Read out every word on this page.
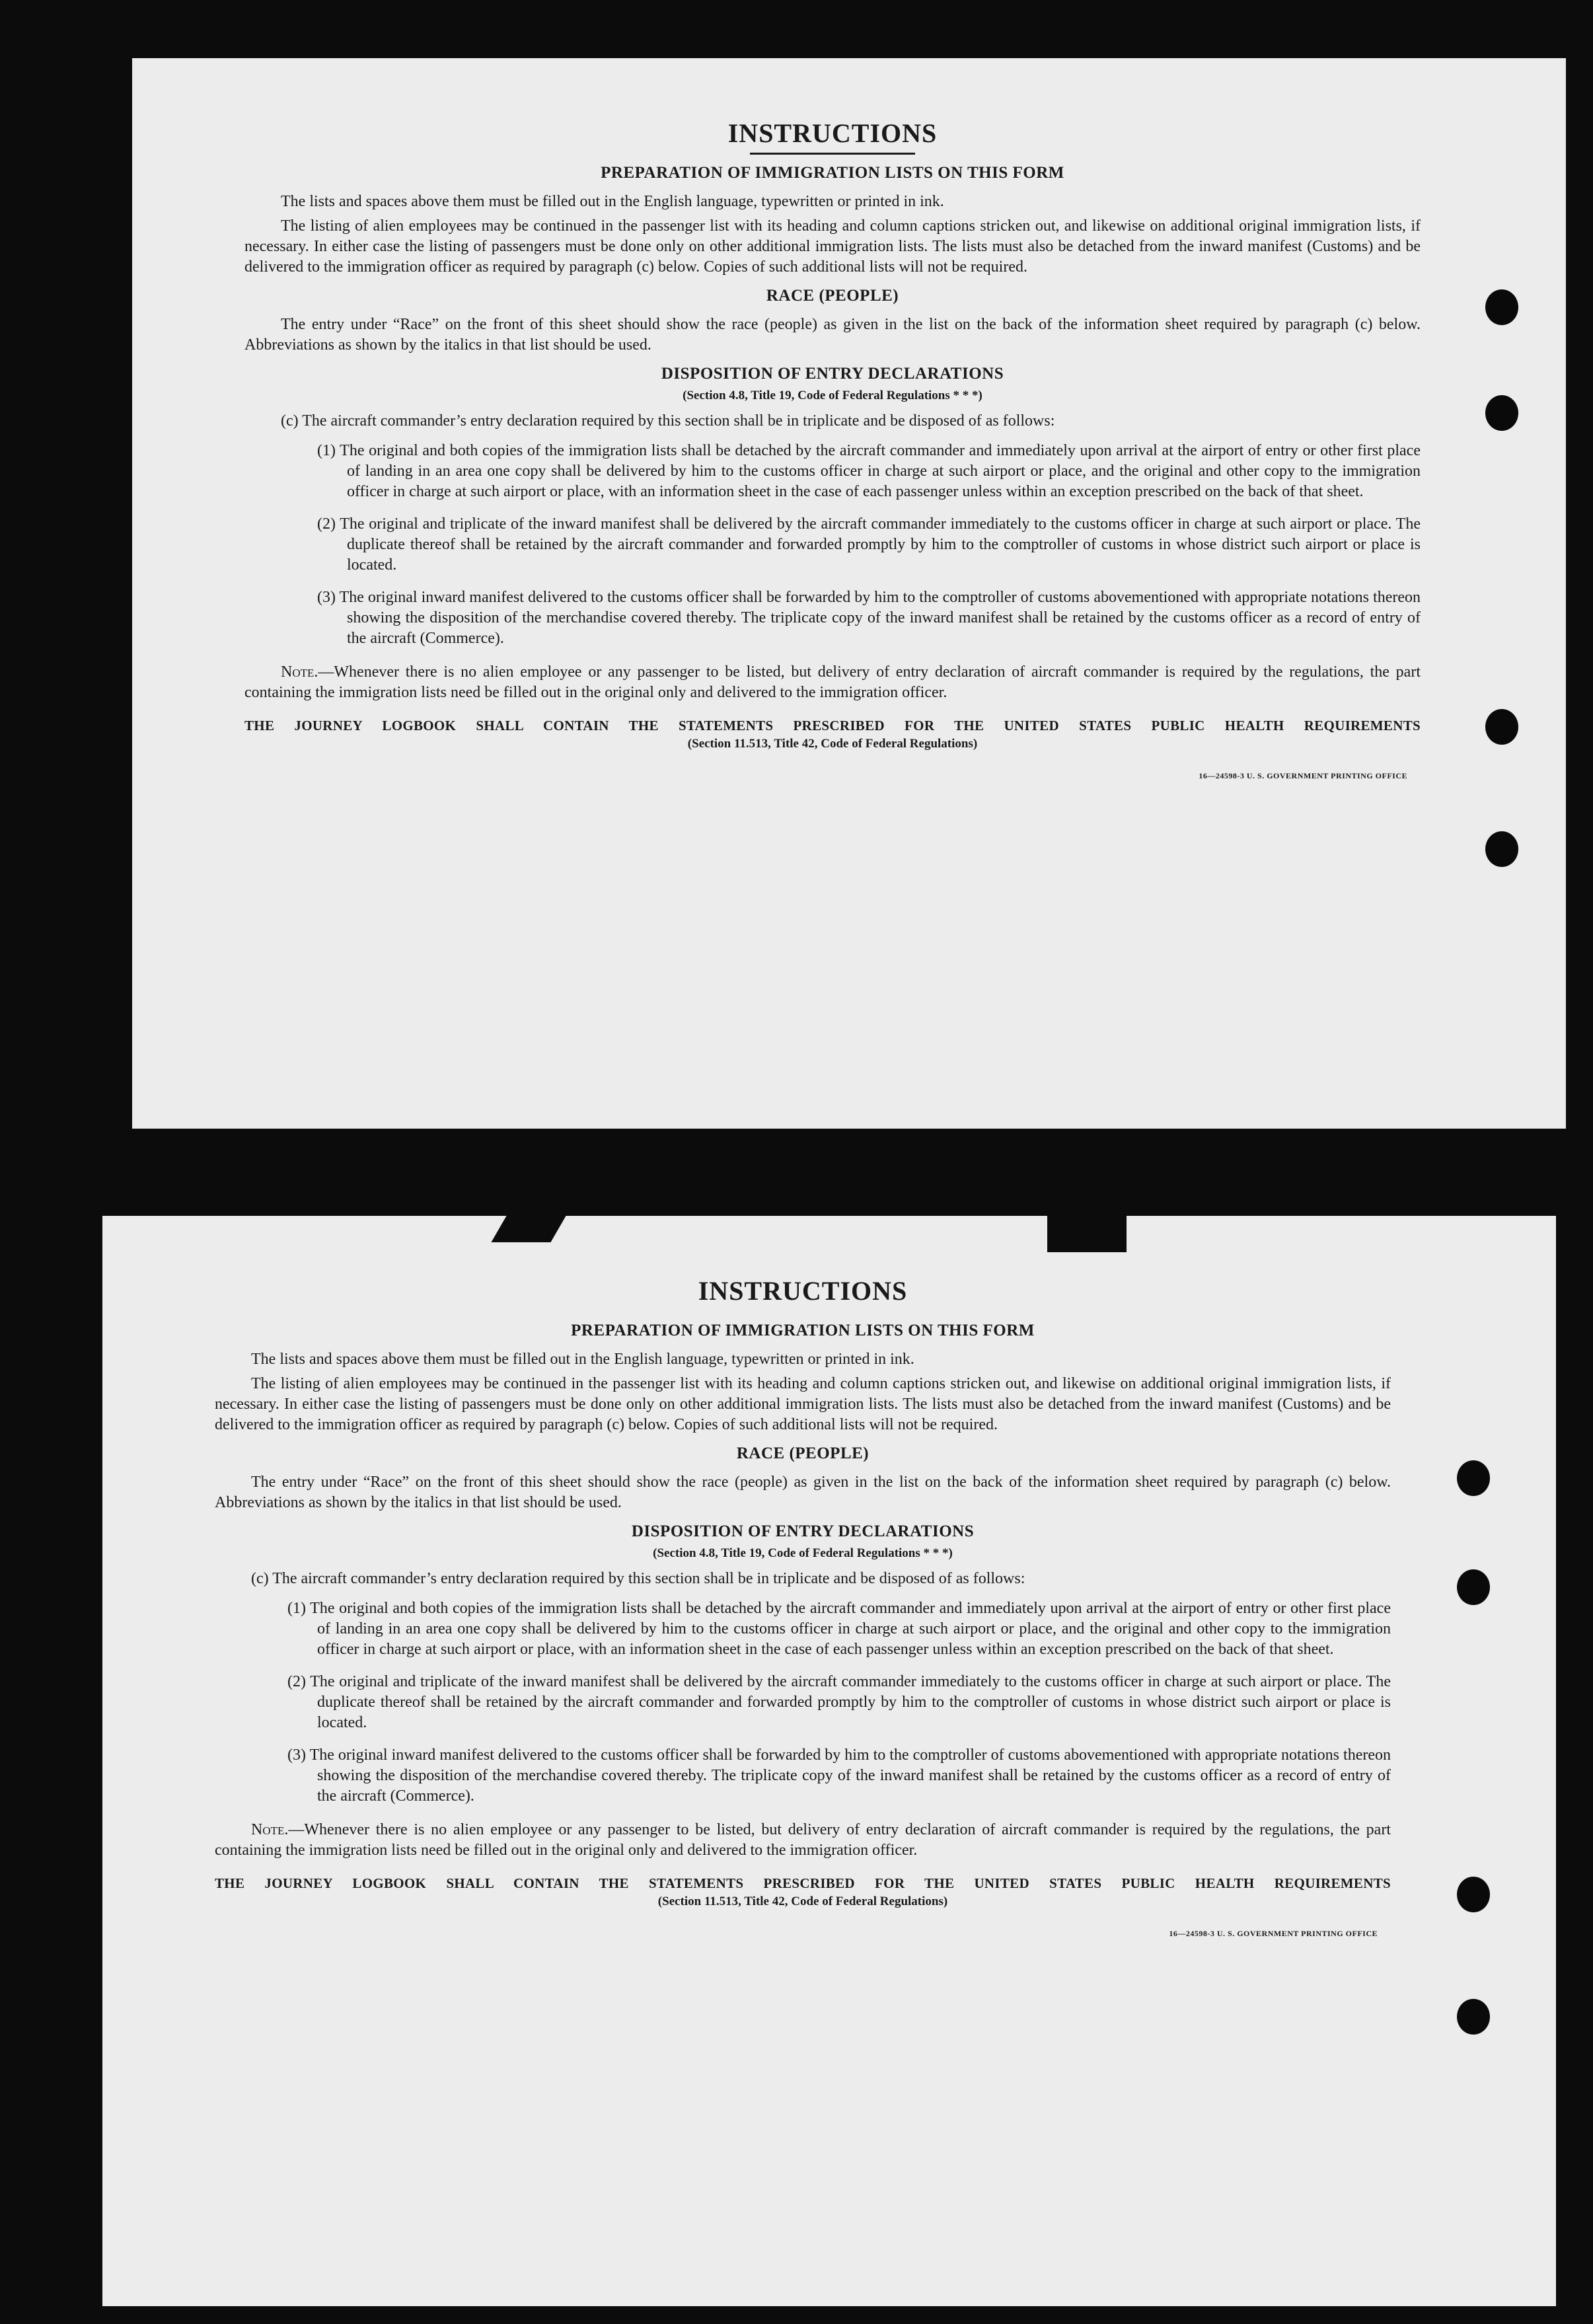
INSTRUCTIONS
PREPARATION OF IMMIGRATION LISTS ON THIS FORM

The lists and spaces above them must be filled out in the English language, typewritten or printed in ink.

The listing of alien employees may be continued in the passenger list with its heading and column captions stricken out, and likewise on additional original immigration lists, if necessary. In either case the listing of passengers must be done only on other additional immigration lists. The lists must also be detached from the inward manifest (Customs) and be delivered to the immigration officer as required by paragraph (c) below. Copies of such additional lists will not be required.

RACE (PEOPLE)

The entry under “Race” on the front of this sheet should show the race (people) as given in the list on the back of the information sheet required by paragraph (c) below. Abbreviations as shown by the italics in that list should be used.

DISPOSITION OF ENTRY DECLARATIONS
(Section 4.8, Title 19, Code of Federal Regulations * * *)

(c) The aircraft commander’s entry declaration required by this section shall be in triplicate and be disposed of as follows:

(1) The original and both copies of the immigration lists shall be detached by the aircraft commander and immediately upon arrival at the airport of entry or other first place of landing in an area one copy shall be delivered by him to the customs officer in charge at such airport or place, and the original and other copy to the immigration officer in charge at such airport or place, with an information sheet in the case of each passenger unless within an exception prescribed on the back of that sheet.
(2) The original and triplicate of the inward manifest shall be delivered by the aircraft commander immediately to the customs officer in charge at such airport or place. The duplicate thereof shall be retained by the aircraft commander and forwarded promptly by him to the comptroller of customs in whose district such airport or place is located.
(3) The original inward manifest delivered to the customs officer shall be forwarded by him to the comptroller of customs abovementioned with appropriate notations thereon showing the disposition of the merchandise covered thereby. The triplicate copy of the inward manifest shall be retained by the customs officer as a record of entry of the aircraft (Commerce).
Note.—Whenever there is no alien employee or any passenger to be listed, but delivery of entry declaration of aircraft commander is required by the regulations, the part containing the immigration lists need be filled out in the original only and delivered to the immigration officer.
THE JOURNEY LOGBOOK SHALL CONTAIN THE STATEMENTS PRESCRIBED FOR THE UNITED STATES PUBLIC HEALTH REQUIREMENTS
(Section 11.513, Title 42, Code of Federal Regulations)
16—24598-3 U. S. GOVERNMENT PRINTING OFFICE
INSTRUCTIONS
PREPARATION OF IMMIGRATION LISTS ON THIS FORM

The lists and spaces above them must be filled out in the English language, typewritten or printed in ink.

The listing of alien employees may be continued in the passenger list with its heading and column captions stricken out, and likewise on additional original immigration lists, if necessary. In either case the listing of passengers must be done only on other additional immigration lists. The lists must also be detached from the inward manifest (Customs) and be delivered to the immigration officer as required by paragraph (c) below. Copies of such additional lists will not be required.

RACE (PEOPLE)

The entry under “Race” on the front of this sheet should show the race (people) as given in the list on the back of the information sheet required by paragraph (c) below. Abbreviations as shown by the italics in that list should be used.

DISPOSITION OF ENTRY DECLARATIONS
(Section 4.8, Title 19, Code of Federal Regulations * * *)

(c) The aircraft commander’s entry declaration required by this section shall be in triplicate and be disposed of as follows:

(1) The original and both copies of the immigration lists shall be detached by the aircraft commander and immediately upon arrival at the airport of entry or other first place of landing in an area one copy shall be delivered by him to the customs officer in charge at such airport or place, and the original and other copy to the immigration officer in charge at such airport or place, with an information sheet in the case of each passenger unless within an exception prescribed on the back of that sheet.
(2) The original and triplicate of the inward manifest shall be delivered by the aircraft commander immediately to the customs officer in charge at such airport or place. The duplicate thereof shall be retained by the aircraft commander and forwarded promptly by him to the comptroller of customs in whose district such airport or place is located.
(3) The original inward manifest delivered to the customs officer shall be forwarded by him to the comptroller of customs abovementioned with appropriate notations thereon showing the disposition of the merchandise covered thereby. The triplicate copy of the inward manifest shall be retained by the customs officer as a record of entry of the aircraft (Commerce).
Note.—Whenever there is no alien employee or any passenger to be listed, but delivery of entry declaration of aircraft commander is required by the regulations, the part containing the immigration lists need be filled out in the original only and delivered to the immigration officer.
THE JOURNEY LOGBOOK SHALL CONTAIN THE STATEMENTS PRESCRIBED FOR THE UNITED STATES PUBLIC HEALTH REQUIREMENTS
(Section 11.513, Title 42, Code of Federal Regulations)
16—24598-3 U. S. GOVERNMENT PRINTING OFFICE
